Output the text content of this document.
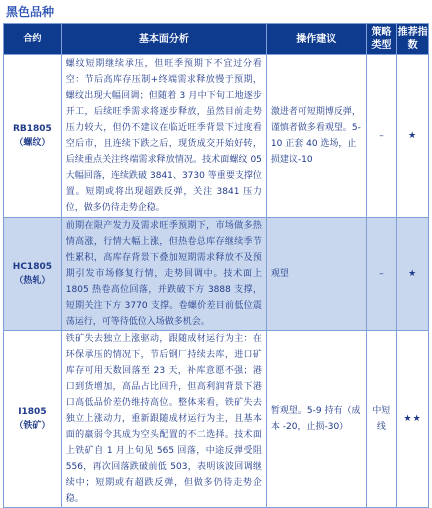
黑色品种
合约	基本面分析	操作建议	策略类型	推荐指数

RB1805
（螺纹）	螺纹短期继续承压，但旺季预期下不宜过分看空：节后高库存压制+终端需求释放慢于预期，螺纹出现大幅回调；但随着 3 月中下旬工地逐步开工，后续旺季需求将逐步释放，虽然目前走势压力较大，但仍不建议在临近旺季背景下过度看空后市，且连续下跌之后，现货成交开始好转，后续重点关注终端需求释放情况。技术面螺纹 05 大幅回落，连续跌破 3841、3730 等重要支撑位置。短期或将出现超跌反弹，关注 3841 压力位，做多仍待走势企稳。	激进者可短期博反弹，谨慎者做多看观望。5-10 正套 40 选场，止损建议-10	–	★

HC1805
（热轧）	前期在限产发力及需求旺季预期下，市场做多热情高涨，行情大幅上涨，但热卷总库存继续季节性累积，高库存背景下叠加短期需求释放不及预期引发市场修复行情，走势回调中。技术面上 1805 热卷高位回落，并跌破下方 3888 支撑，短期关注下方 3770 支撑。卷螺价差目前低位震荡运行，可等待低位入场做多机会。	观望	–	★

I1805
（铁矿）	铁矿失去独立上涨驱动，跟随成材运行为主：在环保承压的情况下，节后钢厂持续去库，进口矿库存可用天数回落至 23 天，补库意愿不强；港口到货增加，高品占比回升，但高利润背景下港口高低品价差仍维持高位。整体来看，铁矿失去独立上涨动力，重新跟随成材运行为主，且基本面的羸弱令其成为空头配置的不二选择。技术面上铁矿自 1 月上旬见 565 回落，中途反弹受阻 556，再次回落跌破前低 503，表明该波回调继续中；短期或有超跌反弹，但做多仍待走势企稳。	暂观望。5-9 持有（成本 -20，止损-30）	中短线	★★
